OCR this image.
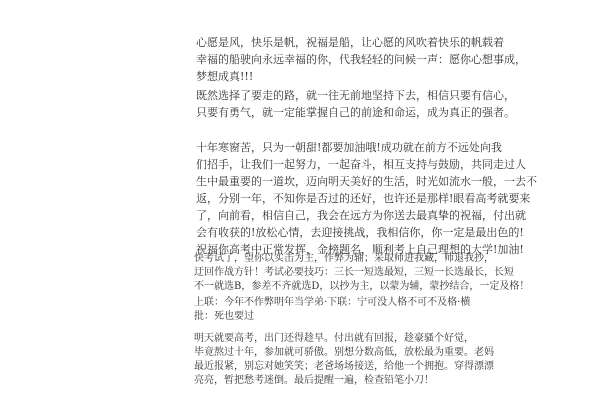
心愿是风，快乐是帆，祝福是船，让心愿的风吹着快乐的帆载着
幸福的船驶向永远幸福的你，代我轻轻的问候一声：愿你心想事成，
梦想成真!!!
既然选择了要走的路，就一往无前地坚持下去，相信只要有信心，
只要有勇气，就一定能掌握自己的前途和命运，成为真正的强者。
十年寒窗苦，只为一朝甜!都要加油哦!成功就在前方不远处向我
们招手，让我们一起努力，一起奋斗，相互支持与鼓励，共同走过人
生中最重要的一道坎，迈向明天美好的生活，时光如流水一般，一去不
返，分别一年，不知你是否过的还好，也许还是那样!眼看高考就要来
了，向前看，相信自己，我会在远方为你送去最真挚的祝福，付出就
会有收获的!放松心情，去迎接挑战，我相信你，你一定是最出色的!
祝福你高考中正常发挥，金榜题名，顺利考上自己理想的大学!加油!
快考试了，望你以实击为主，作弊为辅；采取师进我藏，师退我抄，
迂回作战方针！考试必要技巧：三长一短选最短，三短一长选最长，长短
不一就选B，参差不齐就选D，以抄为主，以蒙为辅，蒙抄结合，一定及格！
上联：今年不作弊明年当学弟·下联：宁可没人格不可不及格·横
批：死也要过
明天就要高考，出门还得趁早。付出就有回报，趁豪骚个好觉，
毕竟熬过十年，参加就可骄傲。别想分数高低，放松最为重要。老妈
最近报紧，别忘对她笑笑；老爸场场接送，给他一个拥抱。穿得漂漂
亮亮，暂把愁考迷倒。最后提醒一遍，检查铅笔小刀！
